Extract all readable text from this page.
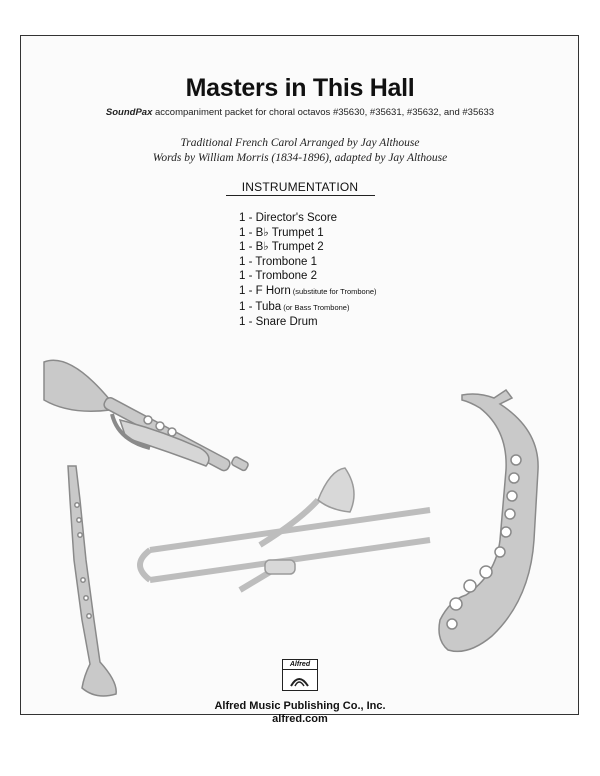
Masters in This Hall
SoundPax accompaniment packet for choral octavos #35630, #35631, #35632, and #35633
Traditional French Carol Arranged by Jay Althouse
Words by William Morris (1834-1896), adapted by Jay Althouse
INSTRUMENTATION
1 - Director's Score
1 - B♭ Trumpet 1
1 - B♭ Trumpet 2
1 - Trombone 1
1 - Trombone 2
1 - F Horn (substitute for Trombone)
1 - Tuba (or Bass Trombone)
1 - Snare Drum
Alfred
Alfred Music Publishing Co., Inc.
alfred.com
